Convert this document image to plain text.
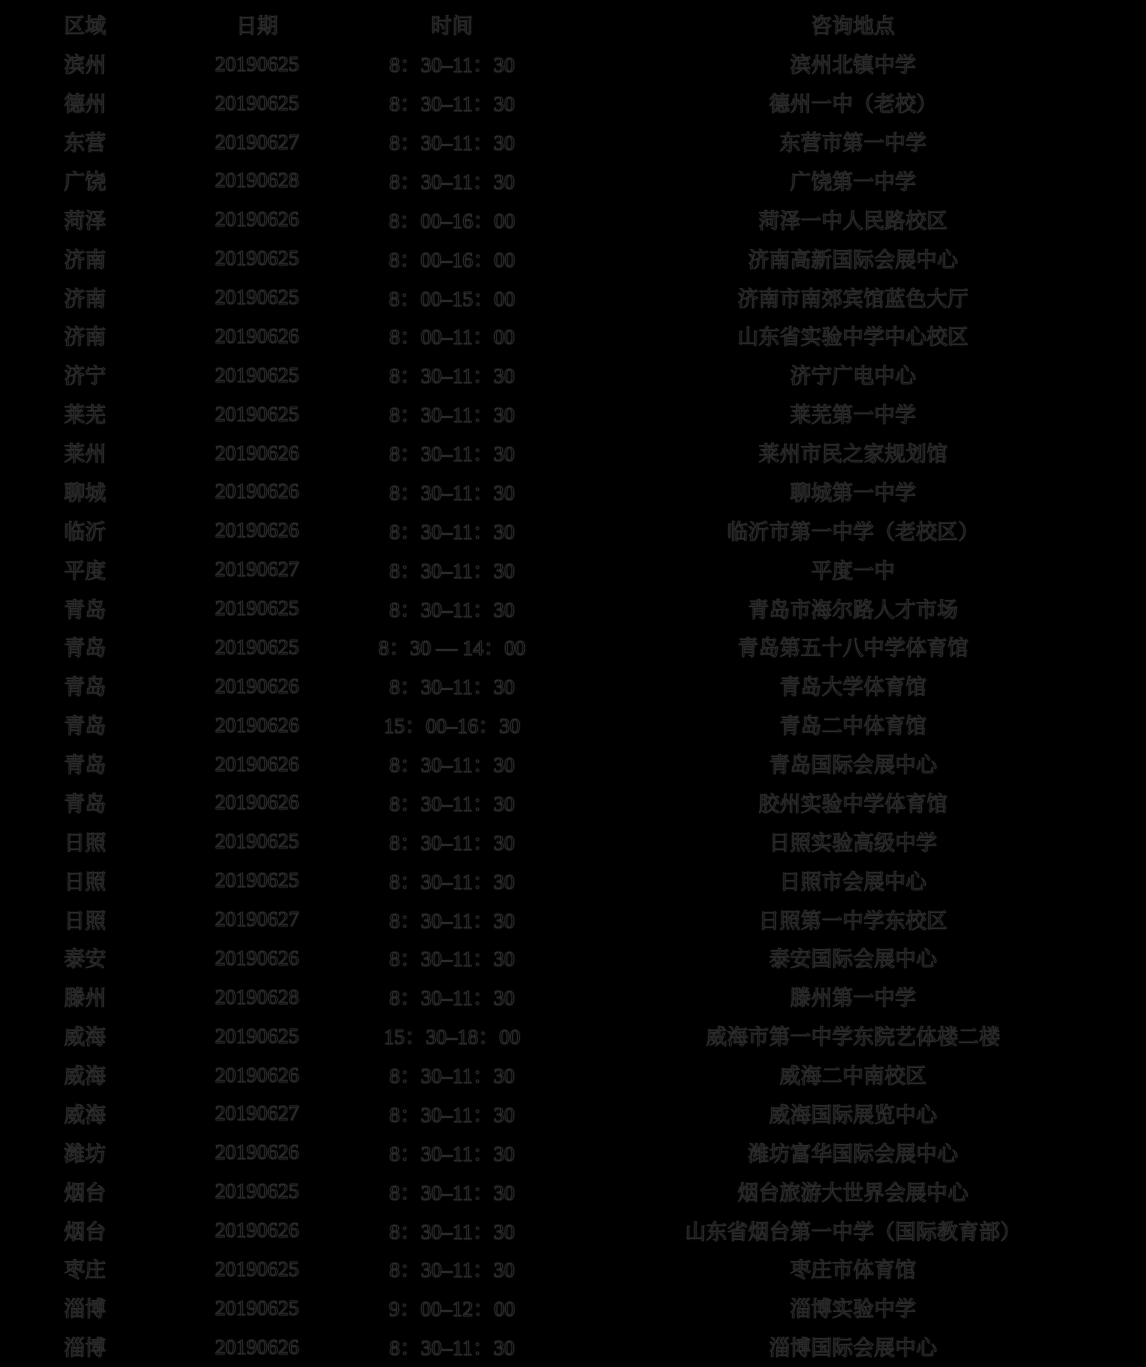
区域	日期	时间	咨询地点
滨州	20190625	8：30–11：30	滨州北镇中学
德州	20190625	8：30–11：30	德州一中（老校）
东营	20190627	8：30–11：30	东营市第一中学
广饶	20190628	8：30–11：30	广饶第一中学
菏泽	20190626	8：00–16：00	菏泽一中人民路校区
济南	20190625	8：00–16：00	济南高新国际会展中心
济南	20190625	8：00–15：00	济南市南郊宾馆蓝色大厅
济南	20190626	8：00–11：00	山东省实验中学中心校区
济宁	20190625	8：30–11：30	济宁广电中心
莱芜	20190625	8：30–11：30	莱芜第一中学
莱州	20190626	8：30–11：30	莱州市民之家规划馆
聊城	20190626	8：30–11：30	聊城第一中学
临沂	20190626	8：30–11：30	临沂市第一中学（老校区）
平度	20190627	8：30–11：30	平度一中
青岛	20190625	8：30–11：30	青岛市海尔路人才市场
青岛	20190625	8：30 — 14：00	青岛第五十八中学体育馆
青岛	20190626	8：30–11：30	青岛大学体育馆
青岛	20190626	15：00–16：30	青岛二中体育馆
青岛	20190626	8：30–11：30	青岛国际会展中心
青岛	20190626	8：30–11：30	胶州实验中学体育馆
日照	20190625	8：30–11：30	日照实验高级中学
日照	20190625	8：30–11：30	日照市会展中心
日照	20190627	8：30–11：30	日照第一中学东校区
泰安	20190626	8：30–11：30	泰安国际会展中心
滕州	20190628	8：30–11：30	滕州第一中学
威海	20190625	15：30–18：00	威海市第一中学东院艺体楼二楼
威海	20190626	8：30–11：30	威海二中南校区
威海	20190627	8：30–11：30	威海国际展览中心
潍坊	20190626	8：30–11：30	潍坊富华国际会展中心
烟台	20190625	8：30–11：30	烟台旅游大世界会展中心
烟台	20190626	8：30–11：30	山东省烟台第一中学（国际教育部）
枣庄	20190625	8：30–11：30	枣庄市体育馆
淄博	20190625	9：00–12：00	淄博实验中学
淄博	20190626	8：30–11：30	淄博国际会展中心
